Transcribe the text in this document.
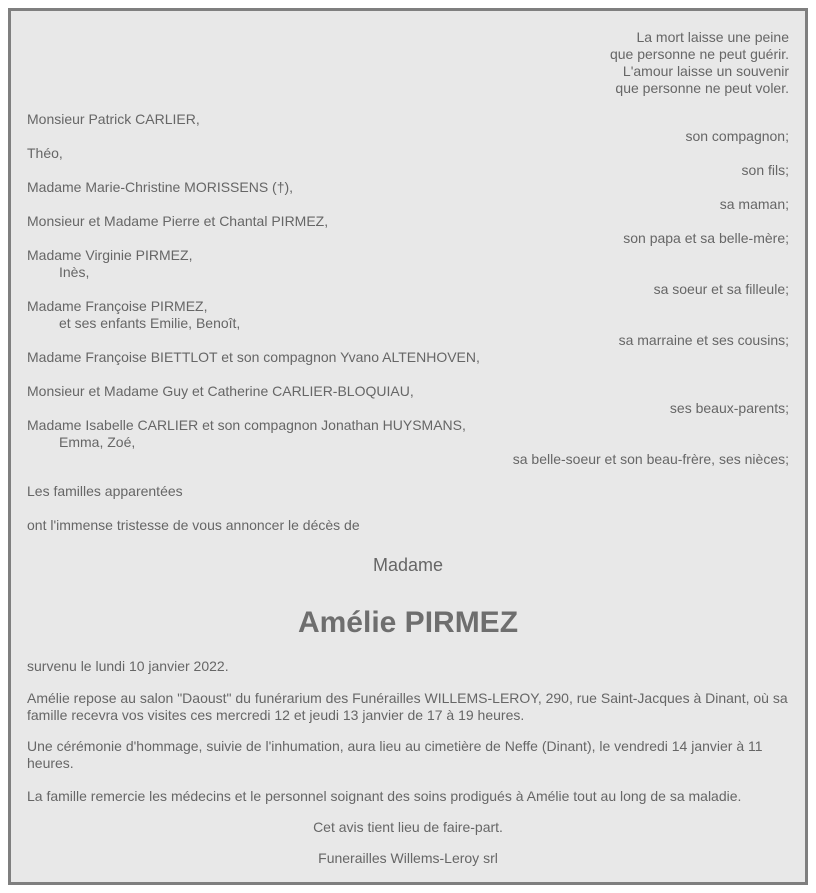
La mort laisse une peine
que personne ne peut guérir.
L'amour laisse un souvenir
que personne ne peut voler.
Monsieur Patrick CARLIER,
son compagnon;
Théo,
son fils;
Madame Marie-Christine MORISSENS (†),
sa maman;
Monsieur et Madame Pierre et Chantal PIRMEZ,
son papa et sa belle-mère;
Madame Virginie PIRMEZ,
Inès,
sa soeur et sa filleule;
Madame Françoise PIRMEZ,
et ses enfants Emilie, Benoît,
sa marraine et ses cousins;
Madame Françoise BIETTLOT et son compagnon Yvano ALTENHOVEN,
Monsieur et Madame Guy et Catherine CARLIER-BLOQUIAU,
ses beaux-parents;
Madame Isabelle CARLIER et son compagnon Jonathan HUYSMANS,
Emma, Zoé,
sa belle-soeur et son beau-frère, ses nièces;
Les familles apparentées
ont l'immense tristesse de vous annoncer le décès de
Madame
Amélie PIRMEZ
survenu le lundi 10 janvier 2022.
Amélie repose au salon "Daoust" du funérarium des Funérailles WILLEMS-LEROY, 290, rue Saint-Jacques à Dinant, où sa famille recevra vos visites ces mercredi 12 et jeudi 13 janvier de 17 à 19 heures.
Une cérémonie d'hommage, suivie de l'inhumation, aura lieu au cimetière de Neffe (Dinant), le vendredi 14 janvier à 11 heures.
La famille remercie les médecins et le personnel soignant des soins prodigués à Amélie tout au long de sa maladie.
Cet avis tient lieu de faire-part.
Funerailles Willems-Leroy srl
